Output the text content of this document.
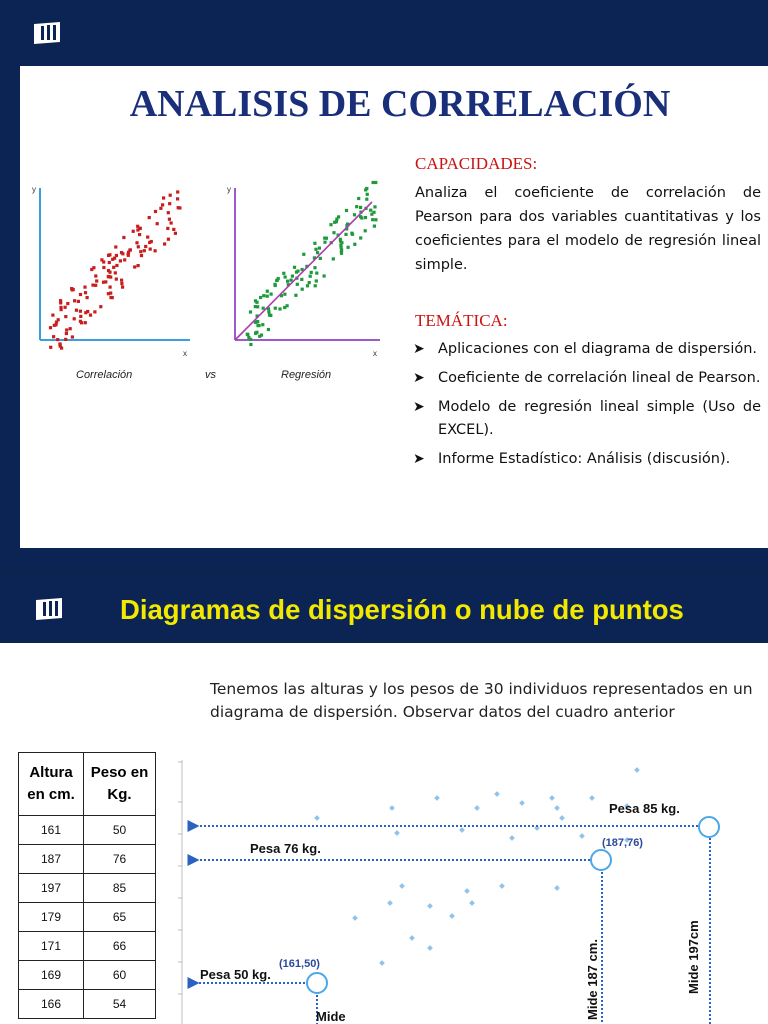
ANALISIS DE CORRELACIÓN
y
x
y
x
Correlación	vs	Regresión
CAPACIDADES:

Analiza el coeficiente de correlación de Pearson para dos variables cuantitativas y los coeficientes para el modelo de regresión lineal simple.

TEMÁTICA:
➤ Aplicaciones con el diagrama de dispersión.
➤ Coeficiente de correlación lineal de Pearson.
➤ Modelo de regresión lineal simple (Uso de EXCEL).
➤ Informe Estadístico: Análisis (discusión).
Diagramas de dispersión o nube de puntos

Tenemos las alturas y los pesos de 30 individuos representados en un diagrama de dispersión. Observar datos del cuadro anterior

Altura en cm.	Peso en Kg.
161	50
187	76
197	85
179	65
171	66
169	60
166	54
Pesa 85 kg.
Pesa 76 kg.
Pesa 50 kg.
(187,76)
(161,50)	Mide 187 cm.	Mide 197cm
Mide
